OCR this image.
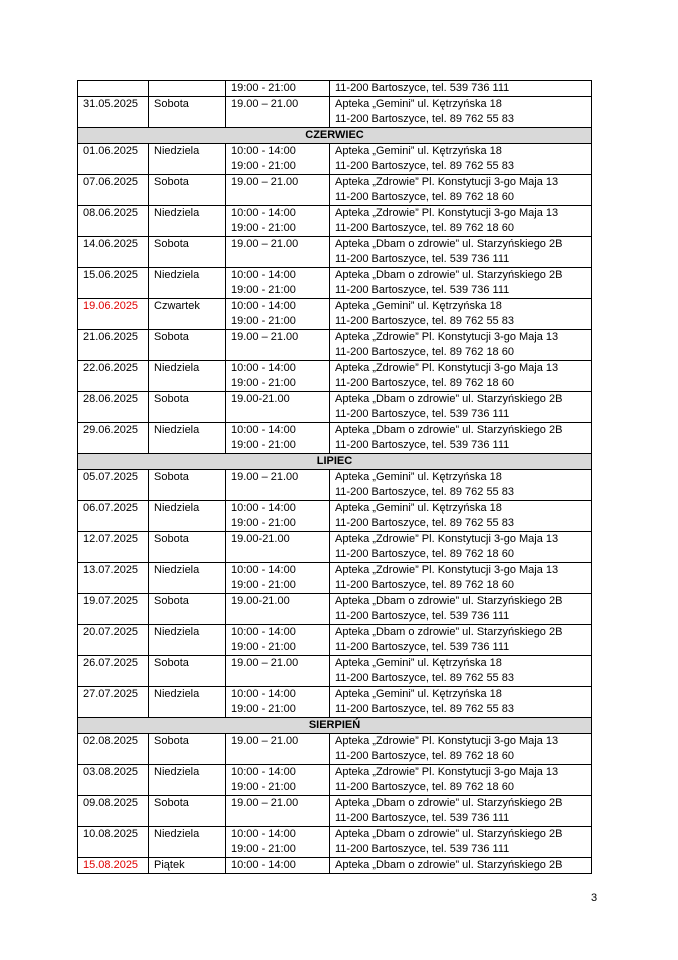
		19:00 - 21:00	11-200 Bartoszyce, tel. 539 736 111

31.05.2025	Sobota	19.00 – 21.00	Apteka „Gemini” ul. Kętrzyńska 18
11-200 Bartoszyce, tel. 89 762 55 83

CZERWIEC			
01.06.2025	Niedziela	10:00 - 14:00
19:00 - 21:00	Apteka „Gemini” ul. Kętrzyńska 18
11-200 Bartoszyce, tel. 89 762 55 83

07.06.2025	Sobota	19.00 – 21.00	Apteka „Zdrowie” Pl. Konstytucji 3-go Maja 13
11-200 Bartoszyce, tel. 89 762 18 60

08.06.2025	Niedziela	10:00 - 14:00
19:00 - 21:00	Apteka „Zdrowie” Pl. Konstytucji 3-go Maja 13
11-200 Bartoszyce, tel. 89 762 18 60

14.06.2025	Sobota	19.00 – 21.00	Apteka „Dbam o zdrowie” ul. Starzyńskiego 2B
11-200 Bartoszyce, tel. 539 736 111

15.06.2025	Niedziela	10:00 - 14:00
19:00 - 21:00	Apteka „Dbam o zdrowie” ul. Starzyńskiego 2B
11-200 Bartoszyce, tel. 539 736 111

19.06.2025	Czwartek	10:00 - 14:00
19:00 - 21:00	Apteka „Gemini” ul. Kętrzyńska 18
11-200 Bartoszyce, tel. 89 762 55 83

21.06.2025	Sobota	19.00 – 21.00	Apteka „Zdrowie” Pl. Konstytucji 3-go Maja 13
11-200 Bartoszyce, tel. 89 762 18 60

22.06.2025	Niedziela	10:00 - 14:00
19:00 - 21:00	Apteka „Zdrowie” Pl. Konstytucji 3-go Maja 13
11-200 Bartoszyce, tel. 89 762 18 60

28.06.2025	Sobota	19.00-21.00	Apteka „Dbam o zdrowie” ul. Starzyńskiego 2B
11-200 Bartoszyce, tel. 539 736 111

29.06.2025	Niedziela	10:00 - 14:00
19:00 - 21:00	Apteka „Dbam o zdrowie” ul. Starzyńskiego 2B
11-200 Bartoszyce, tel. 539 736 111

LIPIEC			
05.07.2025	Sobota	19.00 – 21.00	Apteka „Gemini” ul. Kętrzyńska 18
11-200 Bartoszyce, tel. 89 762 55 83

06.07.2025	Niedziela	10:00 - 14:00
19:00 - 21:00	Apteka „Gemini” ul. Kętrzyńska 18
11-200 Bartoszyce, tel. 89 762 55 83

12.07.2025	Sobota	19.00-21.00	Apteka „Zdrowie” Pl. Konstytucji 3-go Maja 13
11-200 Bartoszyce, tel. 89 762 18 60

13.07.2025	Niedziela	10:00 - 14:00
19:00 - 21:00	Apteka „Zdrowie” Pl. Konstytucji 3-go Maja 13
11-200 Bartoszyce, tel. 89 762 18 60

19.07.2025	Sobota	19.00-21.00	Apteka „Dbam o zdrowie” ul. Starzyńskiego 2B
11-200 Bartoszyce, tel. 539 736 111

20.07.2025	Niedziela	10:00 - 14:00
19:00 - 21:00	Apteka „Dbam o zdrowie” ul. Starzyńskiego 2B
11-200 Bartoszyce, tel. 539 736 111

26.07.2025	Sobota	19.00 – 21.00	Apteka „Gemini” ul. Kętrzyńska 18
11-200 Bartoszyce, tel. 89 762 55 83

27.07.2025	Niedziela	10:00 - 14:00
19:00 - 21:00	Apteka „Gemini” ul. Kętrzyńska 18
11-200 Bartoszyce, tel. 89 762 55 83

SIERPIEŃ			
02.08.2025	Sobota	19.00 – 21.00	Apteka „Zdrowie” Pl. Konstytucji 3-go Maja 13
11-200 Bartoszyce, tel. 89 762 18 60

03.08.2025	Niedziela	10:00 - 14:00
19:00 - 21:00	Apteka „Zdrowie” Pl. Konstytucji 3-go Maja 13
11-200 Bartoszyce, tel. 89 762 18 60

09.08.2025	Sobota	19.00 – 21.00	Apteka „Dbam o zdrowie” ul. Starzyńskiego 2B
11-200 Bartoszyce, tel. 539 736 111

10.08.2025	Niedziela	10:00 - 14:00
19:00 - 21:00	Apteka „Dbam o zdrowie” ul. Starzyńskiego 2B
11-200 Bartoszyce, tel. 539 736 111

15.08.2025	Piątek	10:00 - 14:00	Apteka „Dbam o zdrowie” ul. Starzyńskiego 2B
3
